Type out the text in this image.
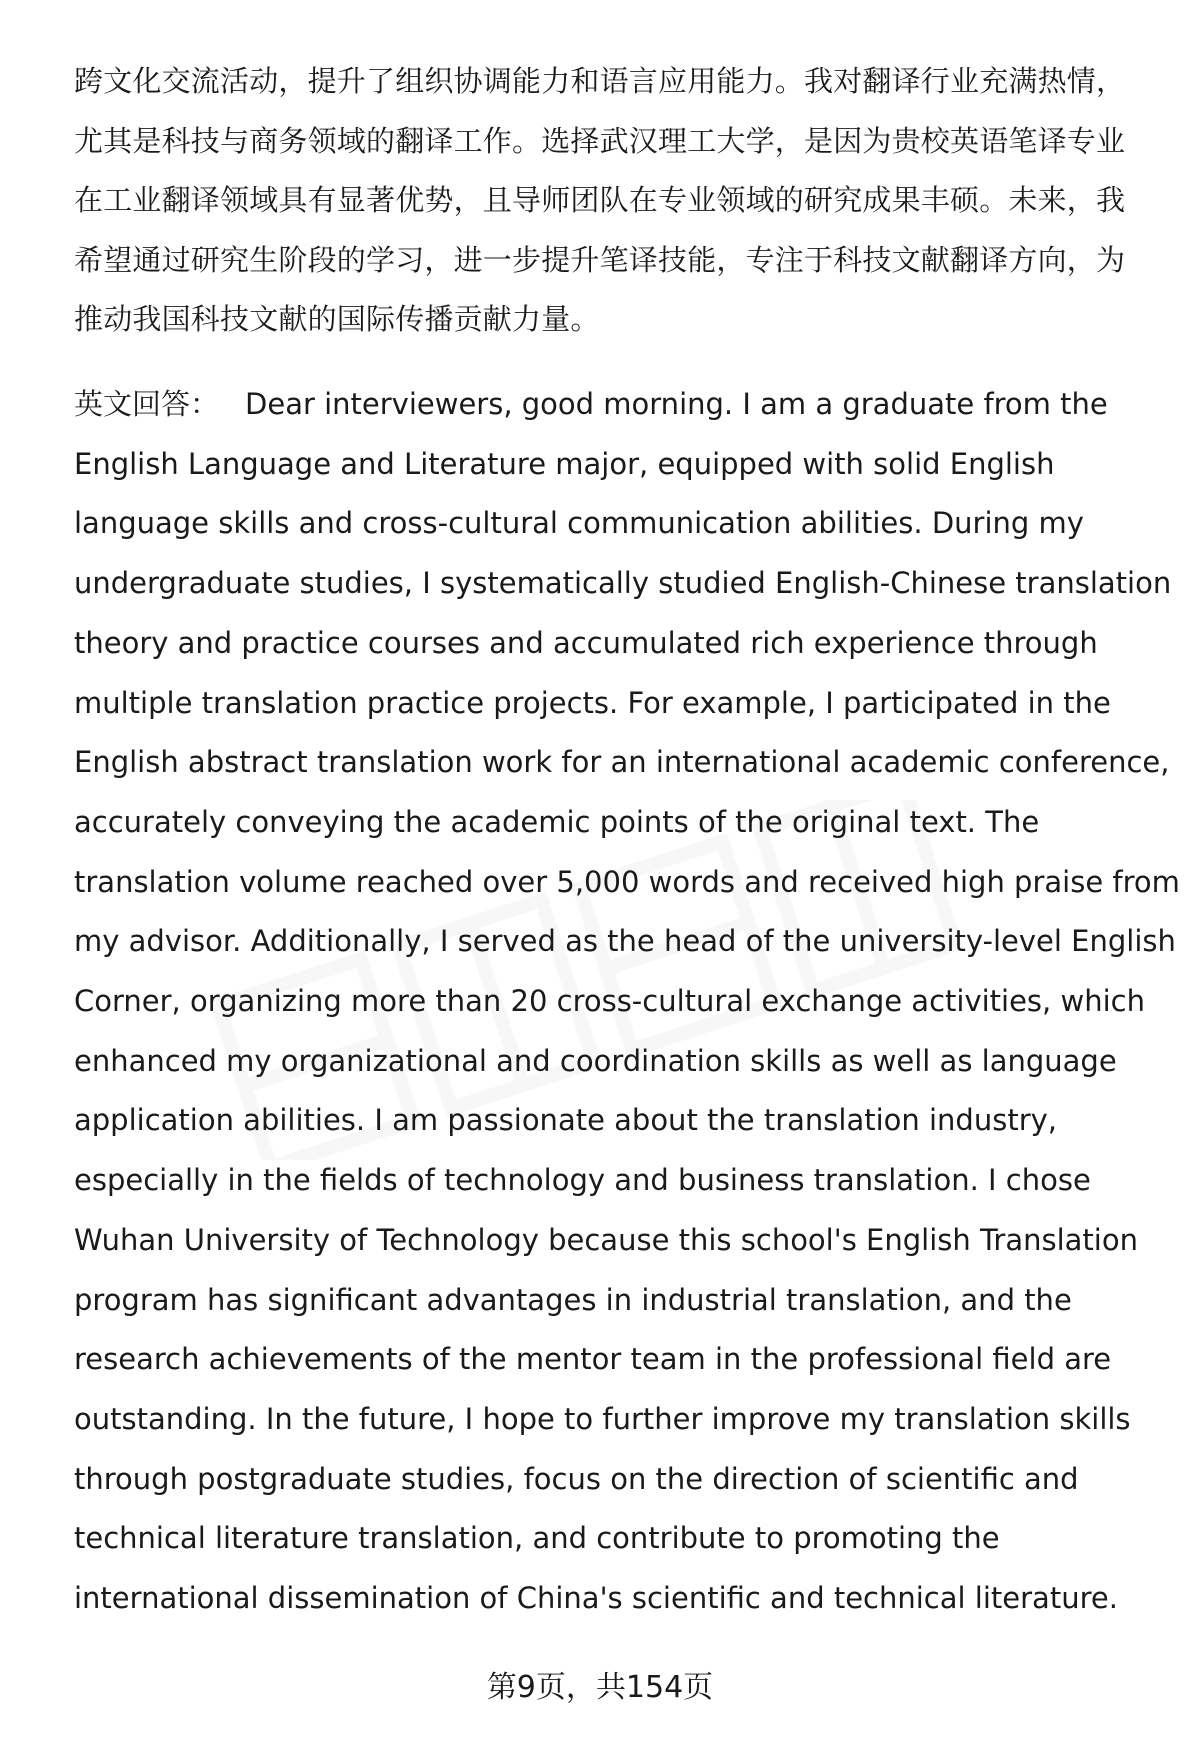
跨文化交流活动，提升了组织协调能力和语言应用能力。我对翻译行业充满热情，
尤其是科技与商务领域的翻译工作。选择武汉理工大学，是因为贵校英语笔译专业
在工业翻译领域具有显著优势，且导师团队在专业领域的研究成果丰硕。未来，我
希望通过研究生阶段的学习，进一步提升笔译技能，专注于科技文献翻译方向，为
推动我国科技文献的国际传播贡献力量。
英文回答： Dear interviewers, good morning. I am a graduate from the
English Language and Literature major, equipped with solid English
language skills and cross-cultural communication abilities. During my
undergraduate studies, I systematically studied English-Chinese translation
theory and practice courses and accumulated rich experience through
multiple translation practice projects. For example, I participated in the
English abstract translation work for an international academic conference,
accurately conveying the academic points of the original text. The
translation volume reached over 5,000 words and received high praise from
my advisor. Additionally, I served as the head of the university-level English
Corner, organizing more than 20 cross-cultural exchange activities, which
enhanced my organizational and coordination skills as well as language
application abilities. I am passionate about the translation industry,
especially in the fields of technology and business translation. I chose
Wuhan University of Technology because this school's English Translation
program has significant advantages in industrial translation, and the
research achievements of the mentor team in the professional field are
outstanding. In the future, I hope to further improve my translation skills
through postgraduate studies, focus on the direction of scientific and
technical literature translation, and contribute to promoting the
international dissemination of China's scientific and technical literature.
第9页，共154页
